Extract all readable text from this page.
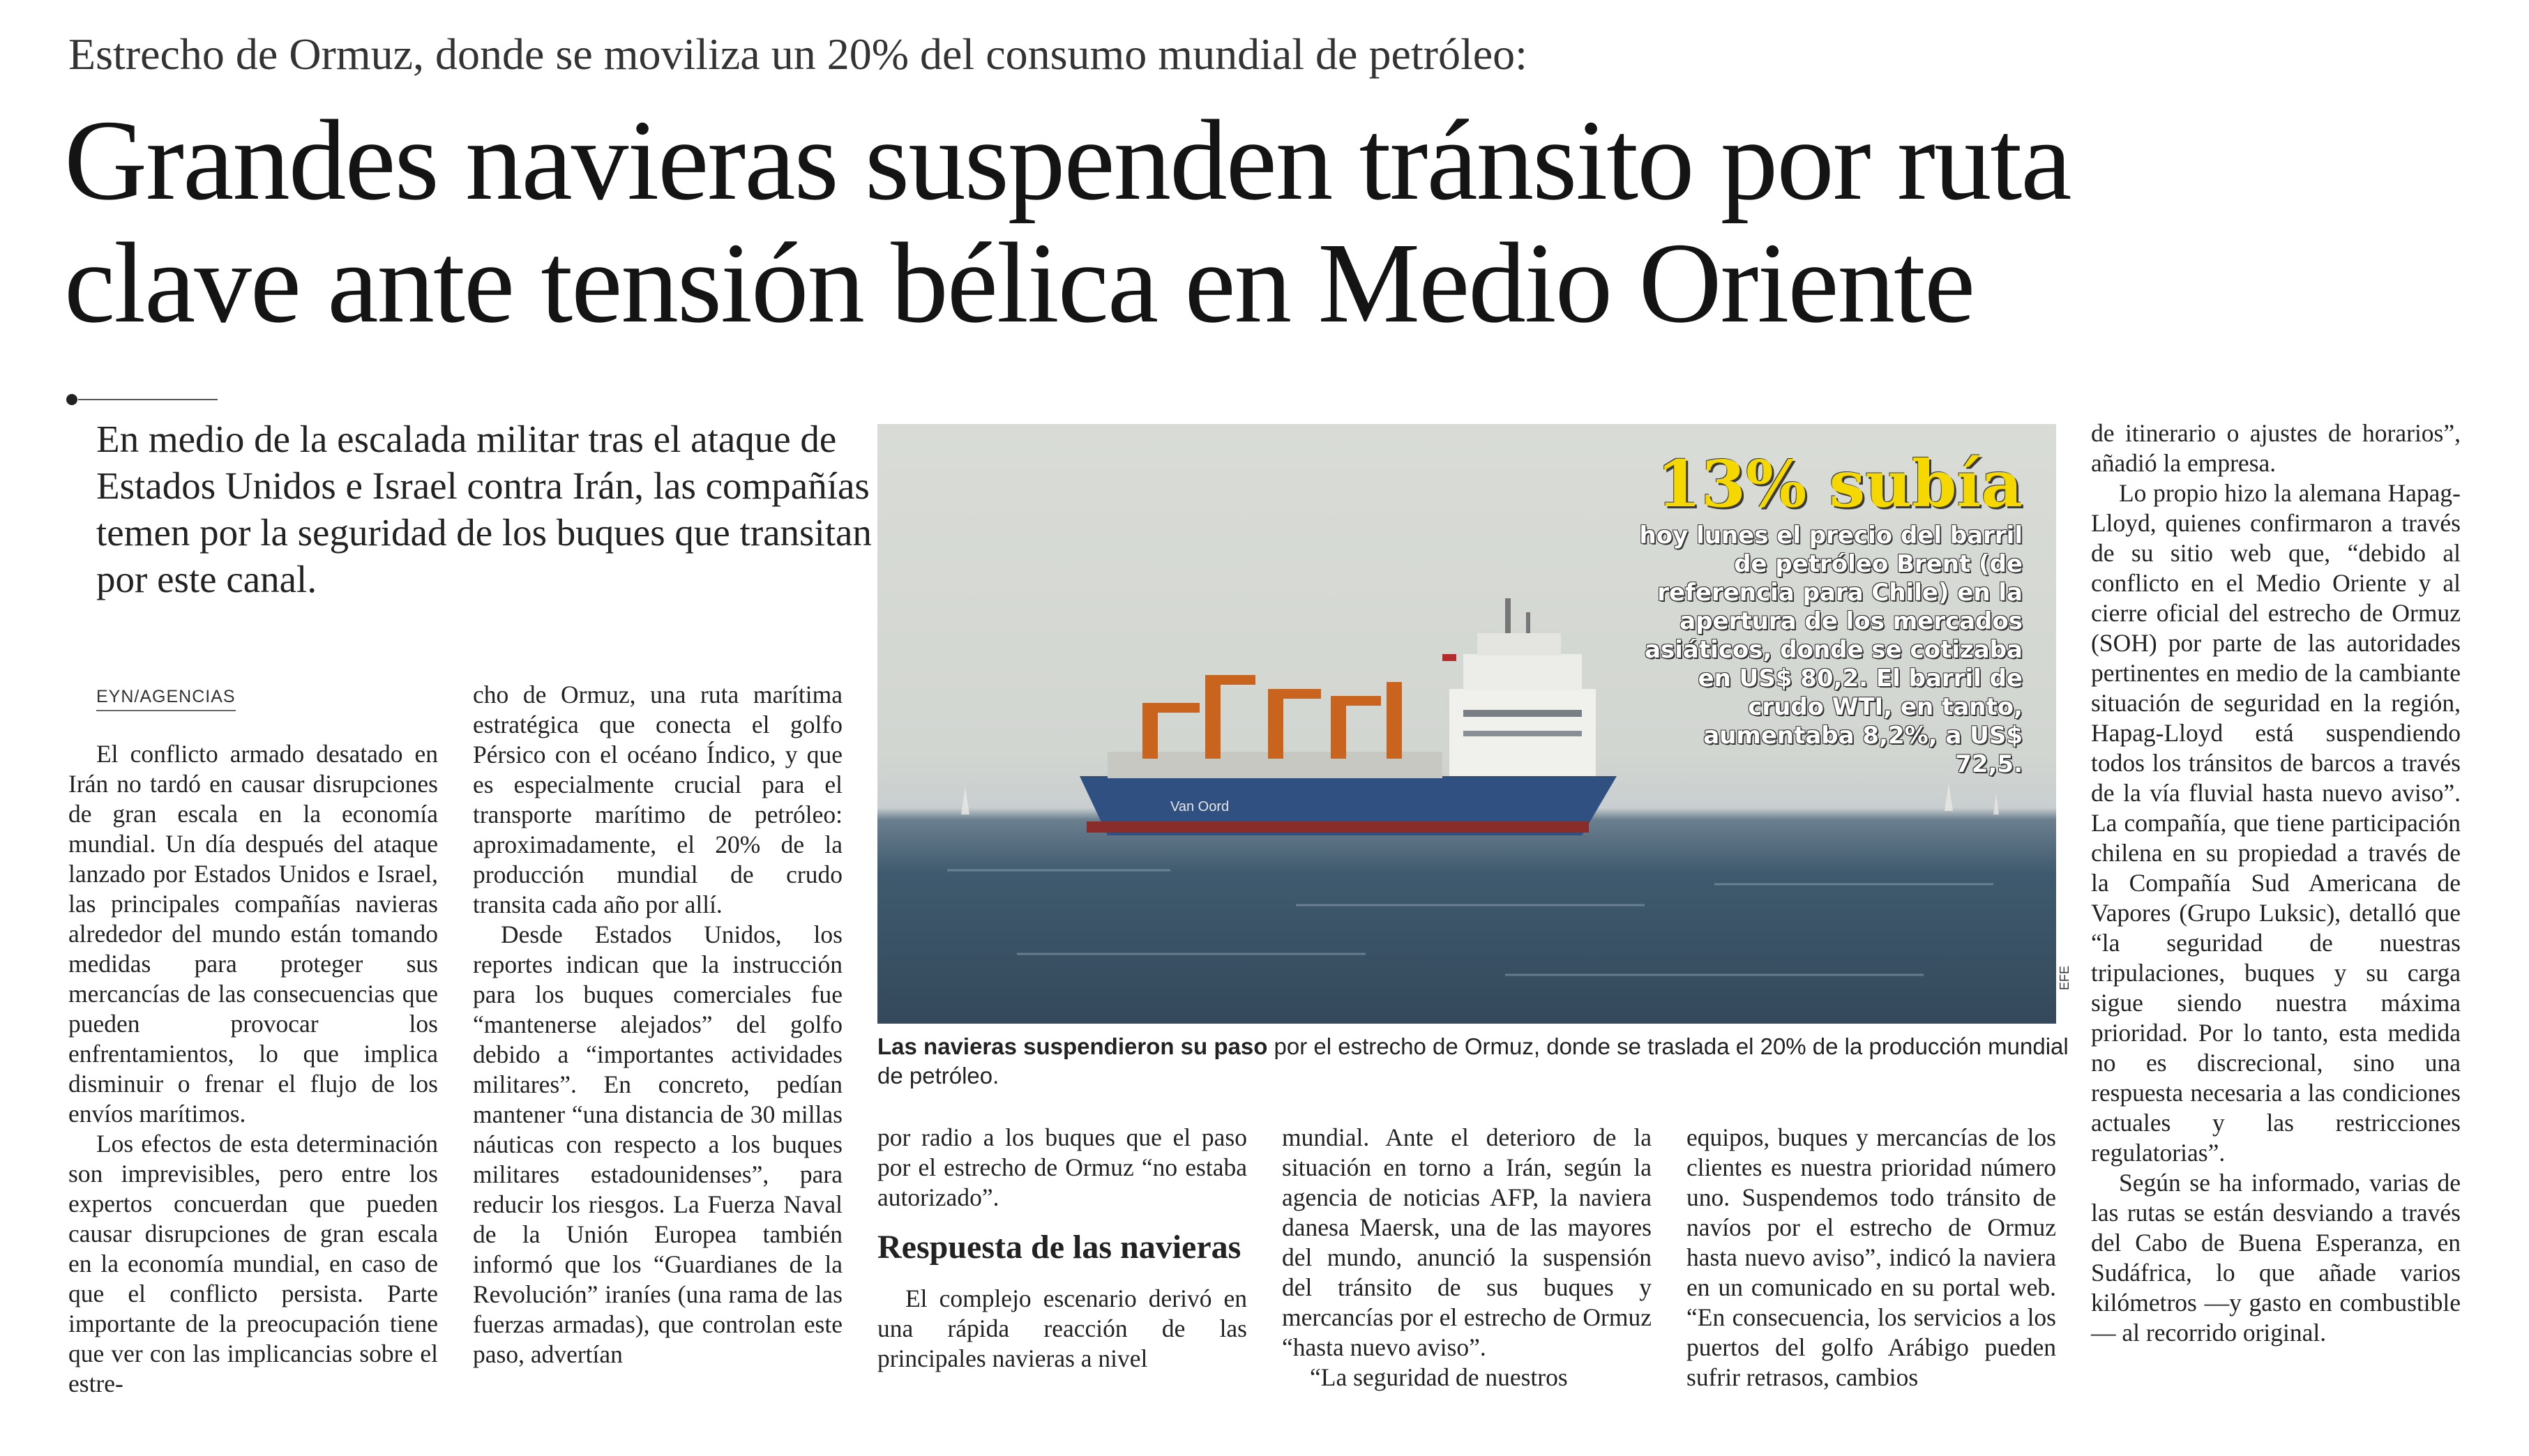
Estrecho de Ormuz, donde se moviliza un 20% del consumo mundial de petróleo:
Grandes navieras suspenden tránsito por ruta
clave ante tensión bélica en Medio Oriente
En medio de la escalada militar tras el ataque de Estados Unidos e Israel contra Irán, las compañías temen por la seguridad de los buques que transitan por este canal.
EYN/AGENCIAS

El conflicto armado desatado en Irán no tardó en causar disrupciones de gran escala en la economía mundial. Un día después del ataque lanzado por Estados Unidos e Israel, las principales compañías navieras alrededor del mundo están tomando medidas para proteger sus mercancías de las consecuencias que pueden provocar los enfrentamientos, lo que implica disminuir o frenar el flujo de los envíos marítimos.

Los efectos de esta determinación son imprevisibles, pero entre los expertos concuerdan que pueden causar disrupciones de gran escala en la economía mundial, en caso de que el conflicto persista. Parte importante de la preocupación tiene que ver con las implicancias sobre el estre-

cho de Ormuz, una ruta marítima estratégica que conecta el golfo Pérsico con el océano Índico, y que es especialmente crucial para el transporte marítimo de petróleo: aproximadamente, el 20% de la producción mundial de crudo transita cada año por allí.

Desde Estados Unidos, los reportes indican que la instrucción para los buques comerciales fue “mantenerse alejados” del golfo debido a “importantes actividades militares”. En concreto, pedían mantener “una distancia de 30 millas náuticas con respecto a los buques militares estadounidenses”, para reducir los riesgos. La Fuerza Naval de la Unión Europea también informó que los “Guardianes de la Revolución” iraníes (una rama de las fuerzas armadas), que controlan este paso, advertían

Van Oord
13% subía
hoy lunes el precio del barril de petróleo Brent (de referencia para Chile) en la apertura de los mercados asiáticos, donde se cotizaba en US$ 80,2. El barril de crudo WTI, en tanto, aumentaba 8,2%, a US$ 72,5.
EFE
Las navieras suspendieron su paso por el estrecho de Ormuz, donde se traslada el 20% de la producción mundial de petróleo.

por radio a los buques que el paso por el estrecho de Ormuz “no estaba autorizado”.

Respuesta de las navieras

El complejo escenario derivó en una rápida reacción de las principales navieras a nivel

mundial. Ante el deterioro de la situación en torno a Irán, según la agencia de noticias AFP, la naviera danesa Maersk, una de las mayores del mundo, anunció la suspensión del tránsito de sus buques y mercancías por el estrecho de Ormuz “hasta nuevo aviso”.

“La seguridad de nuestros

equipos, buques y mercancías de los clientes es nuestra prioridad número uno. Suspendemos todo tránsito de navíos por el estrecho de Ormuz hasta nuevo aviso”, indicó la naviera en un comunicado en su portal web. “En consecuencia, los servicios a los puertos del golfo Arábigo pueden sufrir retrasos, cambios

de itinerario o ajustes de horarios”, añadió la empresa.

Lo propio hizo la alemana Hapag-Lloyd, quienes confirmaron a través de su sitio web que, “debido al conflicto en el Medio Oriente y al cierre oficial del estrecho de Ormuz (SOH) por parte de las autoridades pertinentes en medio de la cambiante situación de seguridad en la región, Hapag-Lloyd está suspendiendo todos los tránsitos de barcos a través de la vía fluvial hasta nuevo aviso”. La compañía, que tiene participación chilena en su propiedad a través de la Compañía Sud Americana de Vapores (Grupo Luksic), detalló que “la seguridad de nuestras tripulaciones, buques y su carga sigue siendo nuestra máxima prioridad. Por lo tanto, esta medida no es discrecional, sino una respuesta necesaria a las condiciones actuales y las restricciones regulatorias”.

Según se ha informado, varias de las rutas se están desviando a través del Cabo de Buena Esperanza, en Sudáfrica, lo que añade varios kilómetros —y gasto en combustible— al recorrido original.
